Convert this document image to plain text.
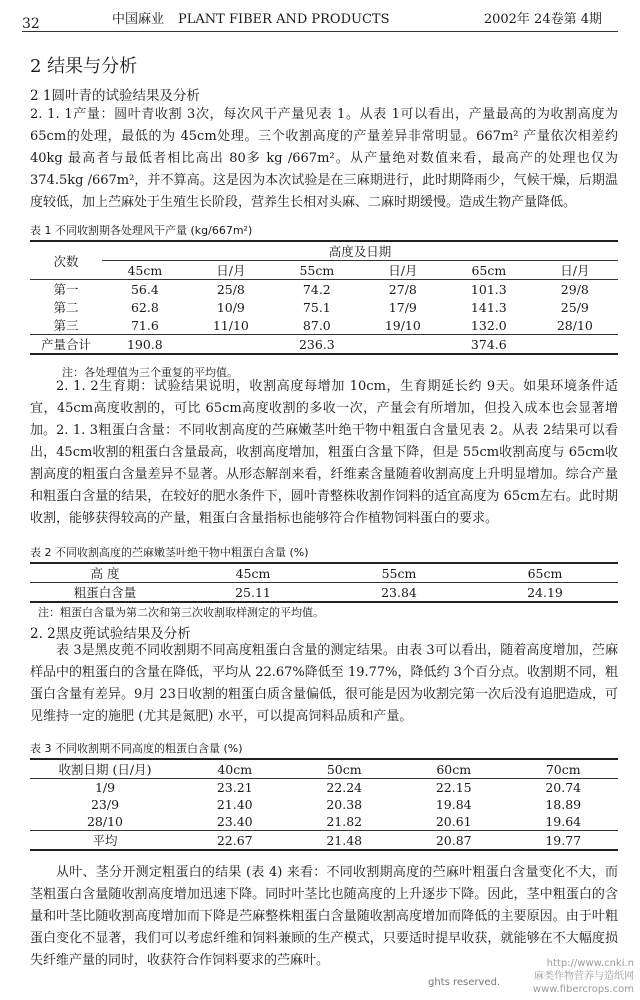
32	中国麻业 PLANT FIBER AND PRODUCTS	2002年 24卷第 4期
2 结果与分析
2 1圆叶青的试验结果及分析
2. 1. 1产量：圆叶青收割 3次，每次风干产量见表 1。从表 1可以看出，产量最高的为收割高度为 65cm的处理，最低的为 45cm处理。三个收割高度的产量差异非常明显。667m² 产量依次相差约 40kg 最高者与最低者相比高出 80多 kg /667m²。从产量绝对数值来看，最高产的处理也仅为 374.5kg /667m²，并不算高。这是因为本次试验是在三麻期进行，此时期降雨少，气候干燥，后期温度较低，加上苎麻处于生殖生长阶段，营养生长相对头麻、二麻时期缓慢。造成生物产量降低。
表 1 不同收割期各处理风干产量 (kg/667m²)
次数	高度及日期					
	45cm	日/月	55cm	日/月	65cm	日/月
第一	56.4	25/8	74.2	27/8	101.3	29/8
第二	62.8	10/9	75.1	17/9	141.3	25/9
第三	71.6	11/10	87.0	19/10	132.0	28/10
产量合计	190.8		236.3		374.6	
注：各处理值为三个重复的平均值。
2. 1. 2生育期：试验结果说明，收割高度每增加 10cm，生育期延长约 9天。如果环境条件适宜，45cm高度收割的，可比 65cm高度收割的多收一次，产量会有所增加，但投入成本也会显著增加。 2. 1. 3粗蛋白含量：不同收割高度的苎麻嫩茎叶绝干物中粗蛋白含量见表 2。从表 2结果可以看出，45cm收割的粗蛋白含量最高，收割高度增加，粗蛋白含量下降，但是 55cm收割高度与 65cm收割高度的粗蛋白含量差异不显著。从形态解剖来看，纤维素含量随着收割高度上升明显增加。综合产量和粗蛋白含量的结果，在较好的肥水条件下，圆叶青整株收割作饲料的适宜高度为 65cm左右。此时期收割，能够获得较高的产量，粗蛋白含量指标也能够符合作植物饲料蛋白的要求。
表 2 不同收割高度的苎麻嫩茎叶绝干物中粗蛋白含量 (%)
高 度	45cm	55cm	65cm
粗蛋白含量	25.11	23.84	24.19
注：粗蛋白含量为第二次和第三次收割取样测定的平均值。
2. 2黑皮蔸试验结果及分析
表 3是黑皮蔸不同收割期不同高度粗蛋白含量的测定结果。由表 3可以看出，随着高度增加，苎麻样品中的粗蛋白的含量在降低，平均从 22.67%降低至 19.77%，降低约 3个百分点。收割期不同，粗蛋白含量有差异。9月 23日收割的粗蛋白质含量偏低，很可能是因为收割完第一次后没有追肥造成，可见维持一定的施肥 (尤其是氮肥) 水平，可以提高饲料品质和产量。
表 3 不同收割期不同高度的粗蛋白含量 (%)
收割日期 (日/月)	40cm	50cm	60cm	70cm
1/9	23.21	22.24	22.15	20.74
23/9	21.40	20.38	19.84	18.89
28/10	23.40	21.82	20.61	19.64
平均	22.67	21.48	20.87	19.77
从叶、茎分开测定粗蛋白的结果 (表 4) 来看：不同收割期高度的苎麻叶粗蛋白含量变化不大，而茎粗蛋白含量随收割高度增加迅速下降。同时叶茎比也随高度的上升逐步下降。因此，茎中粗蛋白的含量和叶茎比随收割高度增加而下降是苎麻整株粗蛋白含量随收割高度增加而降低的主要原因。由于叶粗蛋白变化不显著，我们可以考虑纤维和饲料兼顾的生产模式，只要适时提早收获，就能够在不大幅度损失纤维产量的同时，收获符合作饲料要求的苎麻叶。
ghts reserved.
http://www.cnki.n
麻类作物营养与造纸网
www.fibercrops.com
